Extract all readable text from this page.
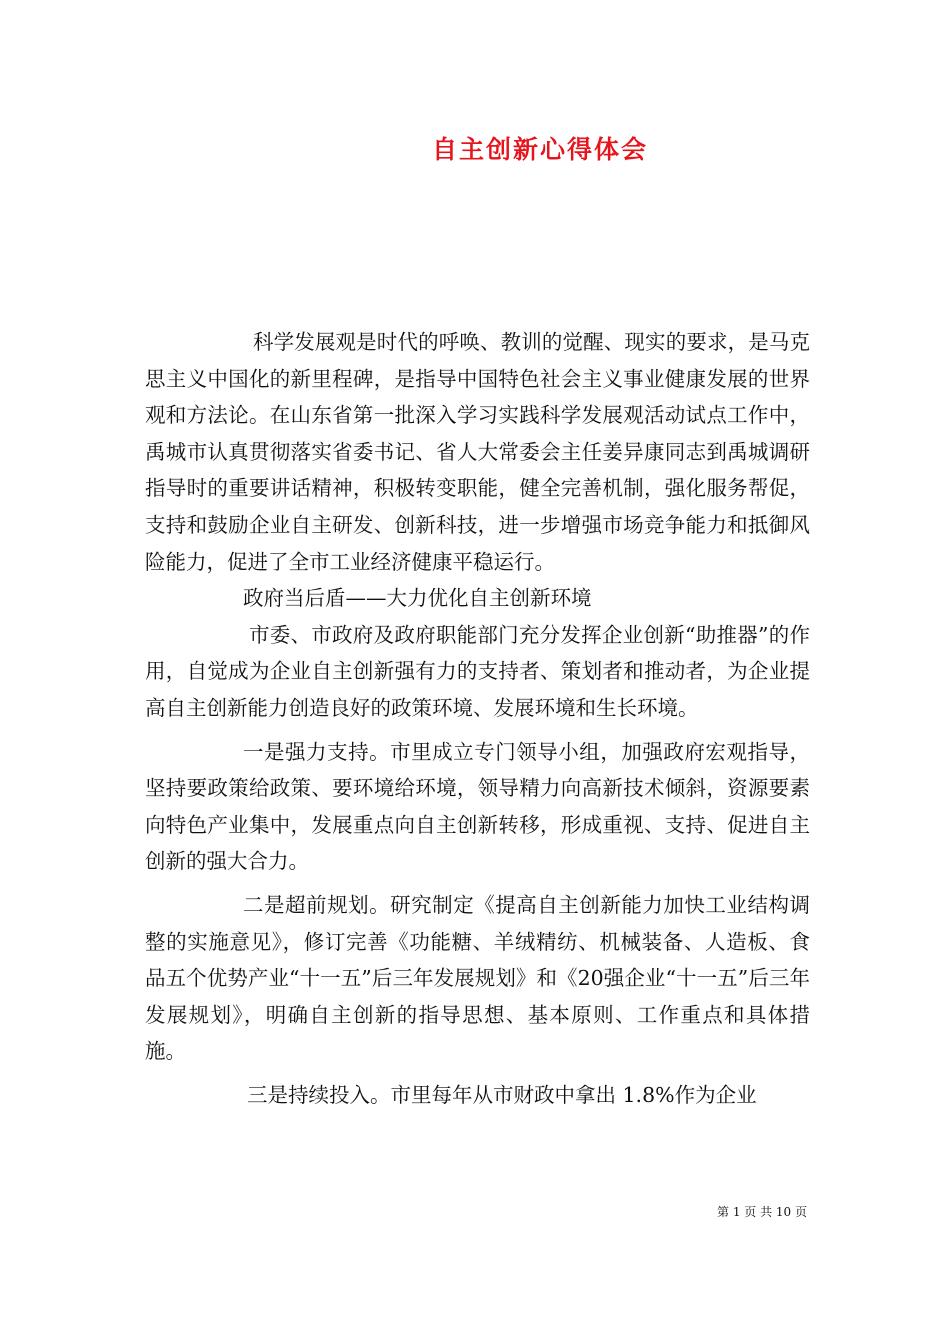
自主创新心得体会

科学发展观是时代的呼唤、教训的觉醒、现实的要求，是马克思主义中国化的新里程碑，是指导中国特色社会主义事业健康发展的世界观和方法论。在山东省第一批深入学习实践科学发展观活动试点工作中，禹城市认真贯彻落实省委书记、省人大常委会主任姜异康同志到禹城调研指导时的重要讲话精神，积极转变职能，健全完善机制，强化服务帮促，支持和鼓励企业自主研发、创新科技，进一步增强市场竞争能力和抵御风险能力，促进了全市工业经济健康平稳运行。

政府当后盾——大力优化自主创新环境

市委、市政府及政府职能部门充分发挥企业创新“助推器”的作用，自觉成为企业自主创新强有力的支持者、策划者和推动者，为企业提高自主创新能力创造良好的政策环境、发展环境和生长环境。

一是强力支持。市里成立专门领导小组，加强政府宏观指导，坚持要政策给政策、要环境给环境，领导精力向高新技术倾斜，资源要素向特色产业集中，发展重点向自主创新转移，形成重视、支持、促进自主创新的强大合力。

二是超前规划。研究制定《提高自主创新能力加快工业结构调整的实施意见》，修订完善《功能糖、羊绒精纺、机械装备、人造板、食品五个优势产业“十一五”后三年发展规划》和《20强企业“十一五”后三年发展规划》，明确自主创新的指导思想、基本原则、工作重点和具体措施。

三是持续投入。市里每年从市财政中拿出 1.8%作为企业

第 1 页 共 10 页
